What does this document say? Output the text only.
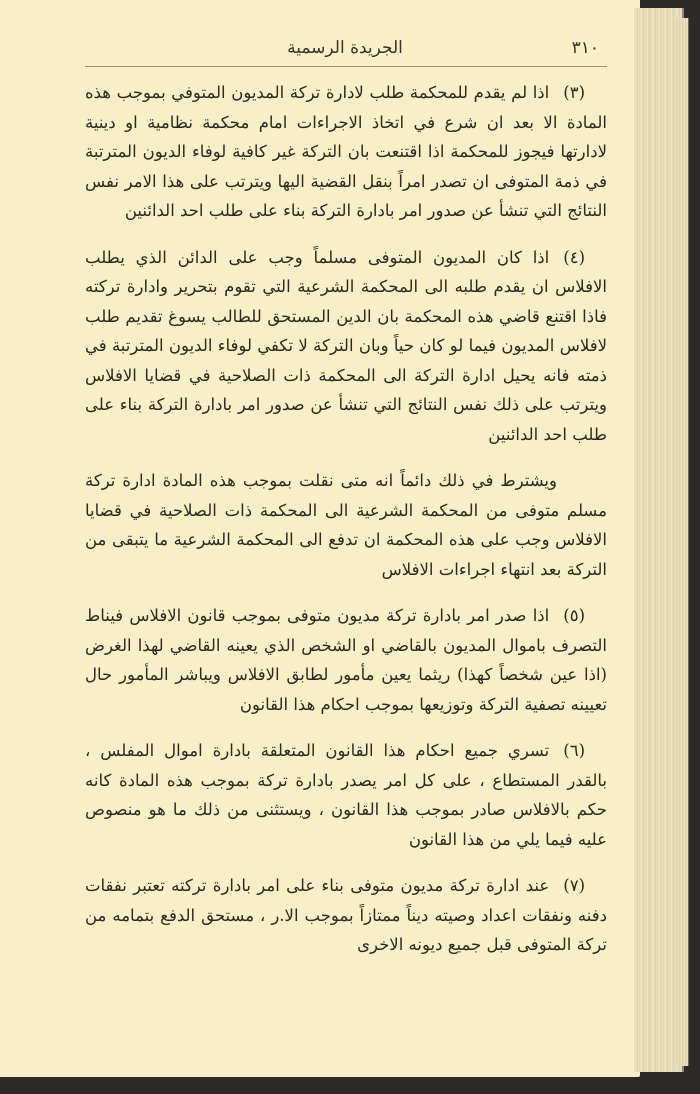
٣١٠
الجريدة الرسمية

(٣)اذا لم يقدم للمحكمة طلب لادارة تركة المديون المتوفي بموجب هذه المادة الا بعد ان شرع في اتخاذ الاجراءات امام محكمة نظامية او دينية لادارتها فيجوز للمحكمة اذا اقتنعت بان التركة غير كافية لوفاء الديون المترتبة في ذمة المتوفى ان تصدر امراً بنقل القضية اليها ويترتب على هذا الامر نفس النتائج التي تنشأ عن صدور امر بادارة التركة بناء على طلب احد الدائنين

(٤)اذا كان المديون المتوفى مسلماً وجب على الدائن الذي يطلب الافلاس ان يقدم طلبه الى المحكمة الشرعية التي تقوم بتحرير وادارة تركته فاذا اقتنع قاضي هذه المحكمة بان الدين المستحق للطالب يسوغ تقديم طلب لافلاس المديون فيما لو كان حياً وبان التركة لا تكفي لوفاء الديون المترتبة في ذمته فانه يحيل ادارة التركة الى المحكمة ذات الصلاحية في قضايا الافلاس ويترتب على ذلك نفس النتائج التي تنشأ عن صدور امر بادارة التركة بناء على طلب احد الدائنين

ويشترط في ذلك دائماً انه متى نقلت بموجب هذه المادة ادارة تركة مسلم متوفى من المحكمة الشرعية الى المحكمة ذات الصلاحية في قضايا الافلاس وجب على هذه المحكمة ان تدفع الى المحكمة الشرعية ما يتبقى من التركة بعد انتهاء اجراءات الافلاس

(٥)اذا صدر امر بادارة تركة مديون متوفى بموجب قانون الافلاس فيناط التصرف باموال المديون بالقاضي او الشخص الذي يعينه القاضي لهذا الغرض (اذا عين شخصاً كهذا) ريثما يعين مأمور لطابق الافلاس ويباشر المأمور حال تعيينه تصفية التركة وتوزيعها بموجب احكام هذا القانون

(٦)تسري جميع احكام هذا القانون المتعلقة بادارة اموال المفلس ، بالقدر المستطاع ، على كل امر يصدر بادارة تركة بموجب هذه المادة كانه حكم بالافلاس صادر بموجب هذا القانون ، ويستثنى من ذلك ما هو منصوص عليه فيما يلي من هذا القانون

(٧)عند ادارة تركة مديون متوفى بناء على امر بادارة تركته تعتبر نفقات دفنه ونفقات اعداد وصيته ديناً ممتازاً بموجب الا.ر ، مستحق الدفع بتمامه من تركة المتوفى قبل جميع ديونه الاخرى
